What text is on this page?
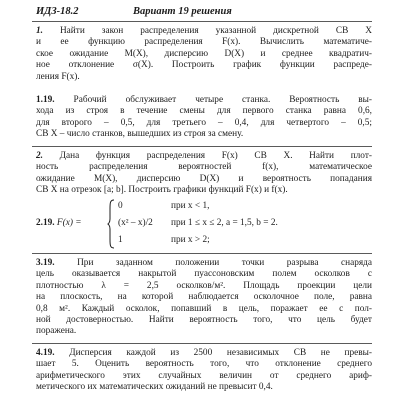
ИДЗ-18.2	Вариант 19 решения
1. Найти закон распределения указанной дискретной СВ X
и ее функцию распределения F(x). Вычислить математиче-
ское ожидание M(X), дисперсию D(X) и среднее квадратич-
ное отклонение σ(X). Построить график функции распреде-
ления F(x).
1.19. Рабочий обслуживает четыре станка. Вероятность вы-
хода из строя в течение смены для первого станка равна 0,6,
для второго – 0,5, для третьего – 0,4, для четвертого – 0,5;
СВ X – число станков, вышедших из строя за смену.
2. Дана функция распределения F(x) СВ X. Найти плот-
ность распределения вероятностей f(x), математическое
ожидание M(X), дисперсию D(X) и вероятность попадания
СВ X на отрезок [a; b]. Построить графики функций F(x) и f(x).
2.19. F(x) =
0	при x < 1,
(x² – x)/2 при 1 ≤ x ≤ 2, a = 1,5, b = 2.
1	при x > 2;
3.19. При заданном положении точки разрыва снаряда
цель оказывается накрытой пуассоновским полем осколков с
плотностью λ = 2,5 осколков/м². Площадь проекции цели
на плоскость, на которой наблюдается осколочное поле, равна
0,8 м². Каждый осколок, попавший в цель, поражает ее с пол-
ной достоверностью. Найти вероятность того, что цель будет
поражена.
4.19. Дисперсия каждой из 2500 независимых СВ не превы-
шает 5. Оценить вероятность того, что отклонение среднего
арифметического этих случайных величин от среднего ариф-
метического их математических ожиданий не превысит 0,4.
